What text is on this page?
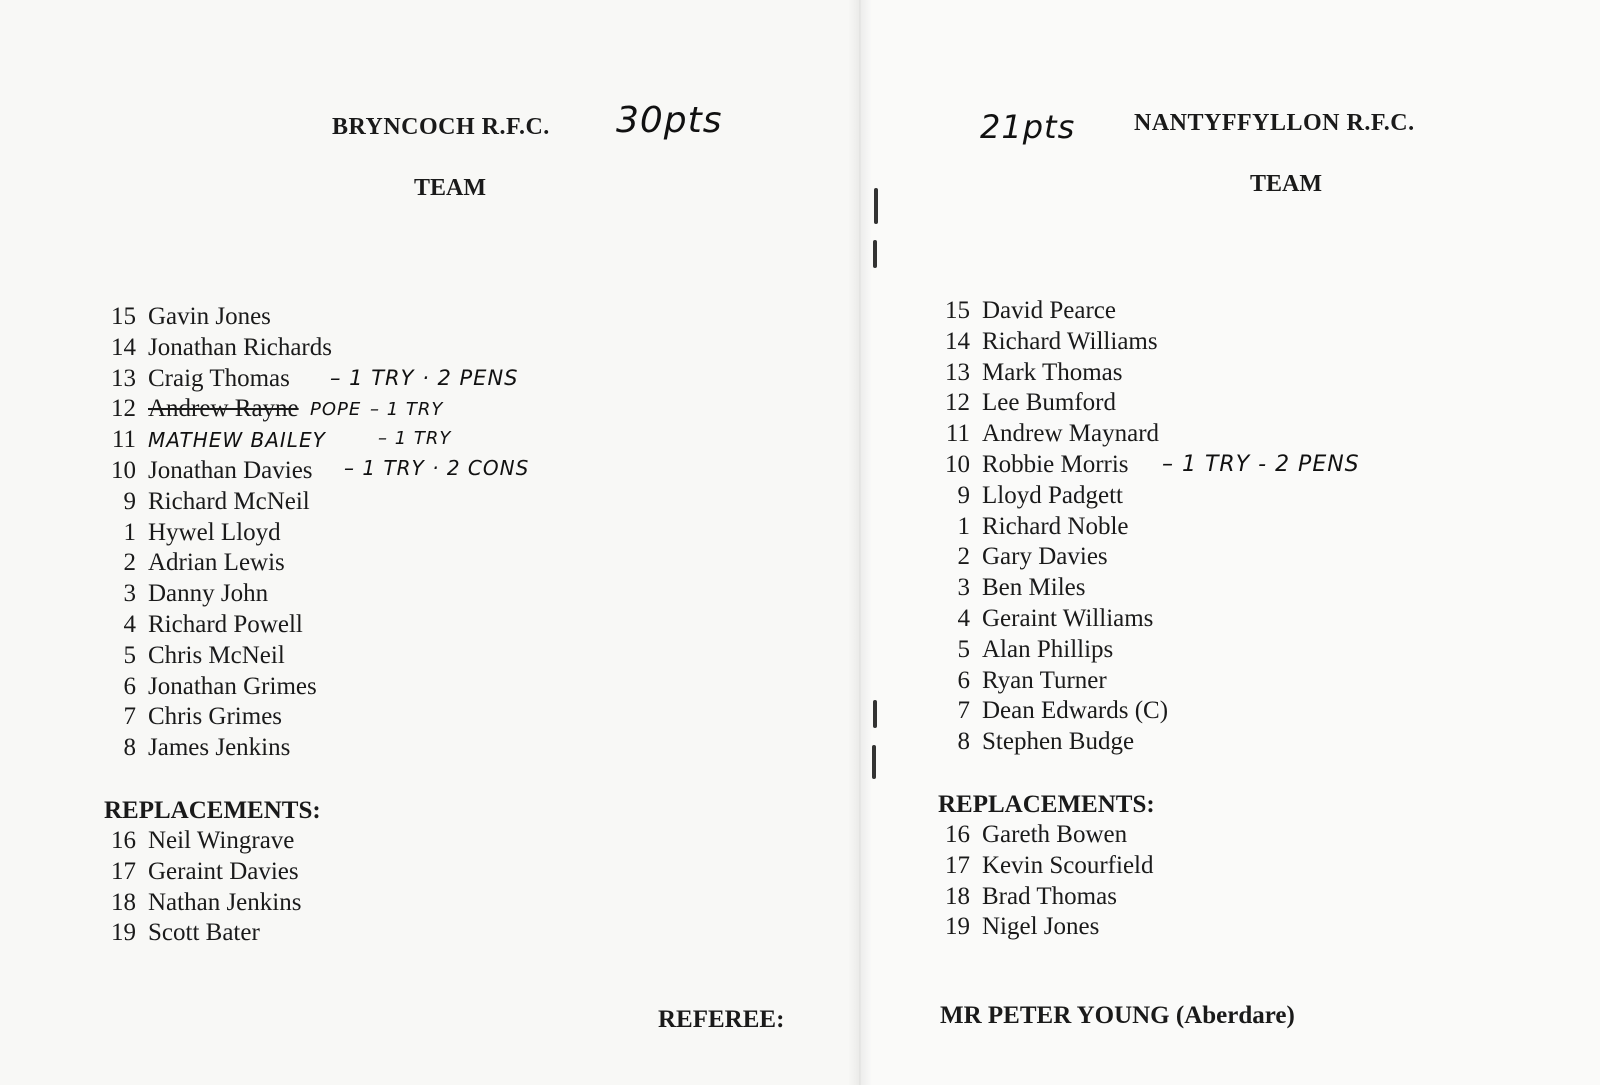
BRYNCOCH R.F.C. 30pts
TEAM
15 Gavin Jones
14 Jonathan Richards
13 Craig Thomas
12 Andrew Rayne
11 MATHEW BAILEY
10 Jonathan Davies
9 Richard McNeil
1 Hywel Lloyd
2 Adrian Lewis
3 Danny John
4 Richard Powell
5 Chris McNeil
6 Jonathan Grimes
7 Chris Grimes
8 James Jenkins
– 1 TRY · 2 PENS
POPE – 1 TRY
– 1 TRY
– 1 TRY · 2 CONS
REPLACEMENTS:
16 Neil Wingrave
17 Geraint Davies
18 Nathan Jenkins
19 Scott Bater
21pts NANTYFFYLLON R.F.C.
TEAM
15 David Pearce
14 Richard Williams
13 Mark Thomas
12 Lee Bumford
11 Andrew Maynard
10 Robbie Morris
9 Lloyd Padgett
1 Richard Noble
2 Gary Davies
3 Ben Miles
4 Geraint Williams
5 Alan Phillips
6 Ryan Turner
7 Dean Edwards (C)
8 Stephen Budge
– 1 TRY - 2 PENS
REPLACEMENTS:
16 Gareth Bowen
17 Kevin Scourfield
18 Brad Thomas
19 Nigel Jones
REFEREE:	MR PETER YOUNG (Aberdare)
